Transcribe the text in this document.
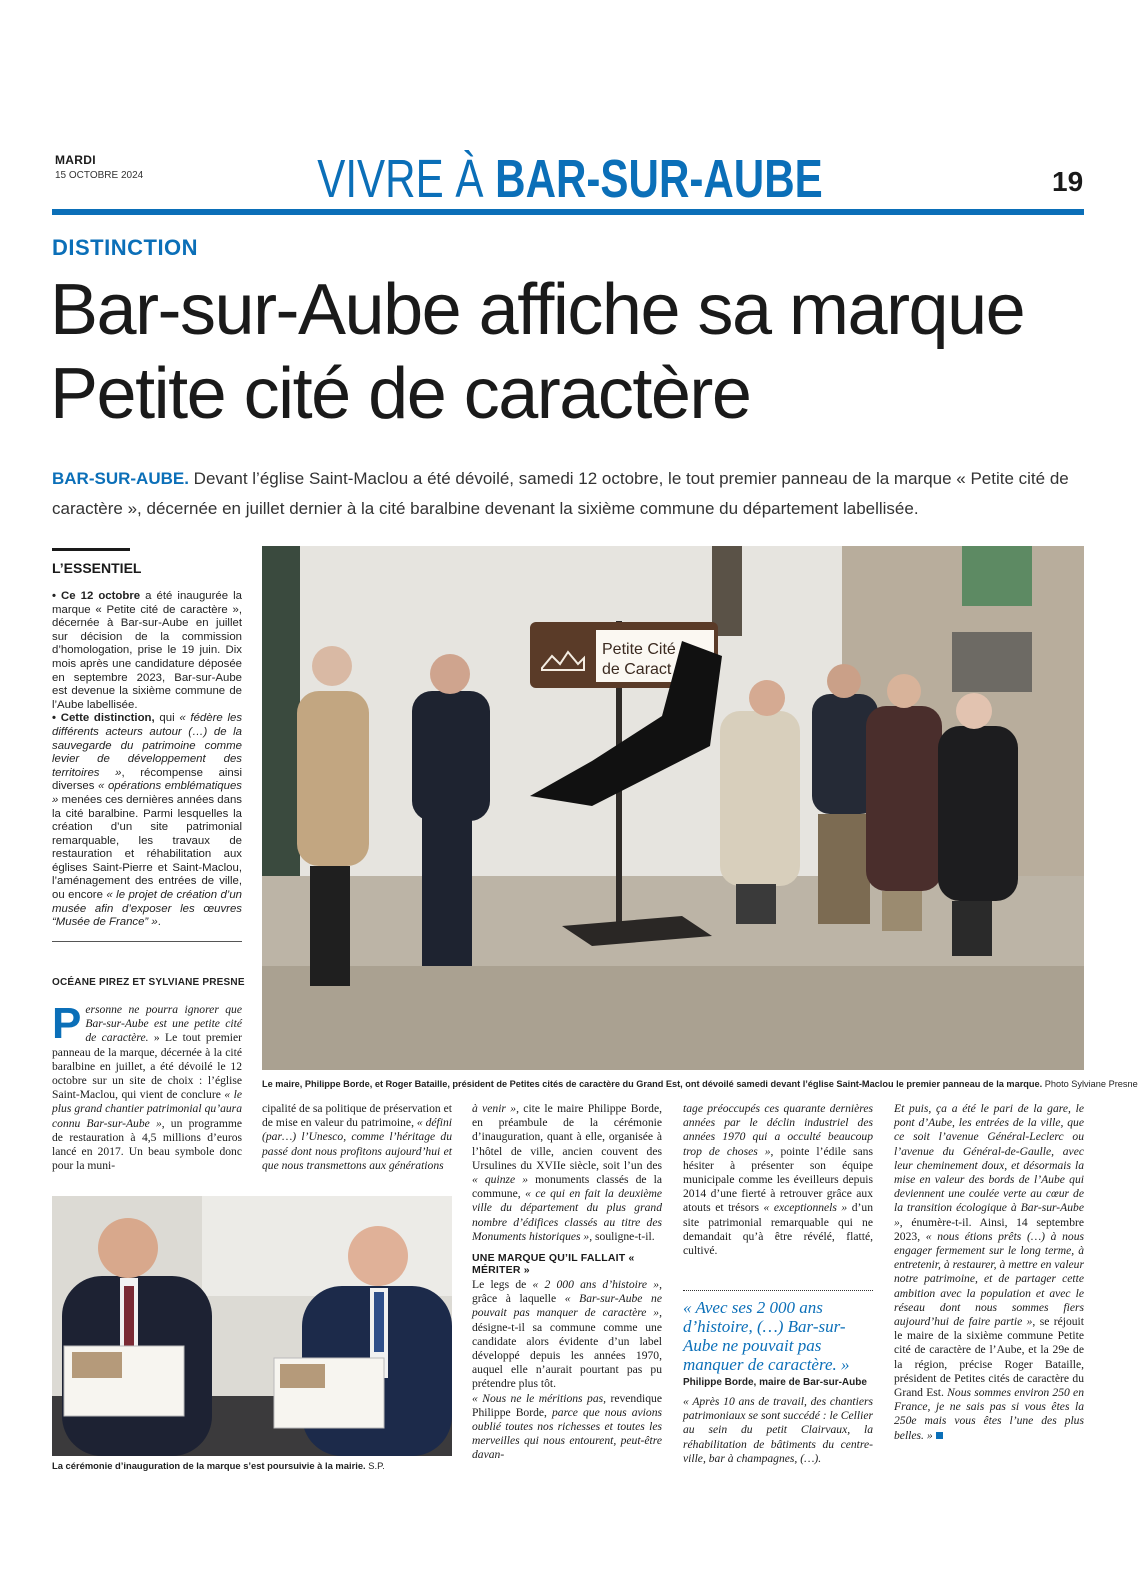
MARDI
15 OCTOBRE 2024	VIVRE À BAR-SUR-AUBE	19
DISTINCTION
Bar-sur-Aube affiche sa marque Petite cité de caractère
BAR-SUR-AUBE. Devant l’église Saint-Maclou a été dévoilé, samedi 12 octobre, le tout premier panneau de la marque « Petite cité de caractère », décernée en juillet dernier à la cité baralbine devenant la sixième commune du département labellisée.
L’ESSENTIEL
• Ce 12 octobre a été inaugurée la marque « Petite cité de caractère », décernée à Bar-sur-Aube en juillet sur décision de la commission d’homologation, prise le 19 juin. Dix mois après une candidature déposée en septembre 2023, Bar-sur-Aube est devenue la sixième commune de l’Aube labellisée.
• Cette distinction, qui « fédère les différents acteurs autour (…) de la sauvegarde du patrimoine comme levier de développement des territoires », récompense ainsi diverses « opérations emblématiques » menées ces dernières années dans la cité baralbine. Parmi lesquelles la création d’un site patrimonial remarquable, les travaux de restauration et réhabilitation aux églises Saint-Pierre et Saint-Maclou, l’aménagement des entrées de ville, ou encore « le projet de création d’un musée afin d’exposer les œuvres “Musée de France” ».
OCÉANE PIREZ ET SYLVIANE PRESNE
Personne ne pourra ignorer que Bar-sur-Aube est une petite cité de caractère. » Le tout premier panneau de la marque, décernée à la cité baralbine en juillet, a été dévoilé le 12 octobre sur un site de choix : l’église Saint-Maclou, qui vient de conclure « le plus grand chantier patrimonial qu’aura connu Bar-sur-Aube », un programme de restauration à 4,5 millions d’euros lancé en 2017. Un beau symbole donc pour la muni-
cipalité de sa politique de préservation et de mise en valeur du patrimoine, « défini (par…) l’Unesco, comme l’héritage du passé dont nous profitons aujourd’hui et que nous transmettons aux générations
à venir », cite le maire Philippe Borde, en préambule de la cérémonie d’inauguration, quant à elle, organisée à l’hôtel de ville, ancien couvent des Ursulines du XVIIe siècle, soit l’un des « quinze » monuments classés de la commune, « ce qui en fait la deuxième ville du département du plus grand nombre d’édifices classés au titre des Monuments historiques », souligne-t-il.
UNE MARQUE QU’IL FALLAIT « MÉRITER »
Le legs de « 2 000 ans d’histoire », grâce à laquelle « Bar-sur-Aube ne pouvait pas manquer de caractère », désigne-t-il sa commune comme une candidate alors évidente d’un label développé depuis les années 1970, auquel elle n’aurait pourtant pas pu prétendre plus tôt.
« Nous ne le méritions pas, revendique Philippe Borde, parce que nous avions oublié toutes nos richesses et toutes les merveilles qui nous entourent, peut-être davan-
tage préoccupés ces quarante dernières années par le déclin industriel des années 1970 qui a occulté beaucoup trop de choses », pointe l’édile sans hésiter à présenter son équipe municipale comme les éveilleurs depuis 2014 d’une fierté à retrouver grâce aux atouts et trésors « exceptionnels » d’un site patrimonial remarquable qui ne demandait qu’à être révélé, flatté, cultivé.
« Avec ses 2 000 ans d’histoire, (…) Bar-sur-Aube ne pouvait pas manquer de caractère. »
Philippe Borde, maire de Bar-sur-Aube
« Après 10 ans de travail, des chantiers patrimoniaux se sont succédé : le Cellier au sein du petit Clairvaux, la réhabilitation de bâtiments du centre-ville, bar à champagnes, (…).
Et puis, ça a été le pari de la gare, le pont d’Aube, les entrées de la ville, que ce soit l’avenue Général-Leclerc ou l’avenue du Général-de-Gaulle, avec leur cheminement doux, et désormais la mise en valeur des bords de l’Aube qui deviennent une coulée verte au cœur de la transition écologique à Bar-sur-Aube », énumère-t-il. Ainsi, 14 septembre 2023, « nous étions prêts (…) à nous engager fermement sur le long terme, à entretenir, à restaurer, à mettre en valeur notre patrimoine, et de partager cette ambition avec la population et avec le réseau dont nous sommes fiers aujourd’hui de faire partie », se réjouit le maire de la sixième commune Petite cité de caractère de l’Aube, et la 29e de la région, précise Roger Bataille, président de Petites cités de caractère du Grand Est. Nous sommes environ 250 en France, je ne sais pas si vous êtes la 250e mais vous êtes l’une des plus belles. »
Petite Cité
de Caract
Le maire, Philippe Borde, et Roger Bataille, président de Petites cités de caractère du Grand Est, ont dévoilé samedi devant l’église Saint-Maclou le premier panneau de la marque. Photo Sylviane Presne
La cérémonie d’inauguration de la marque s’est poursuivie à la mairie. S.P.
